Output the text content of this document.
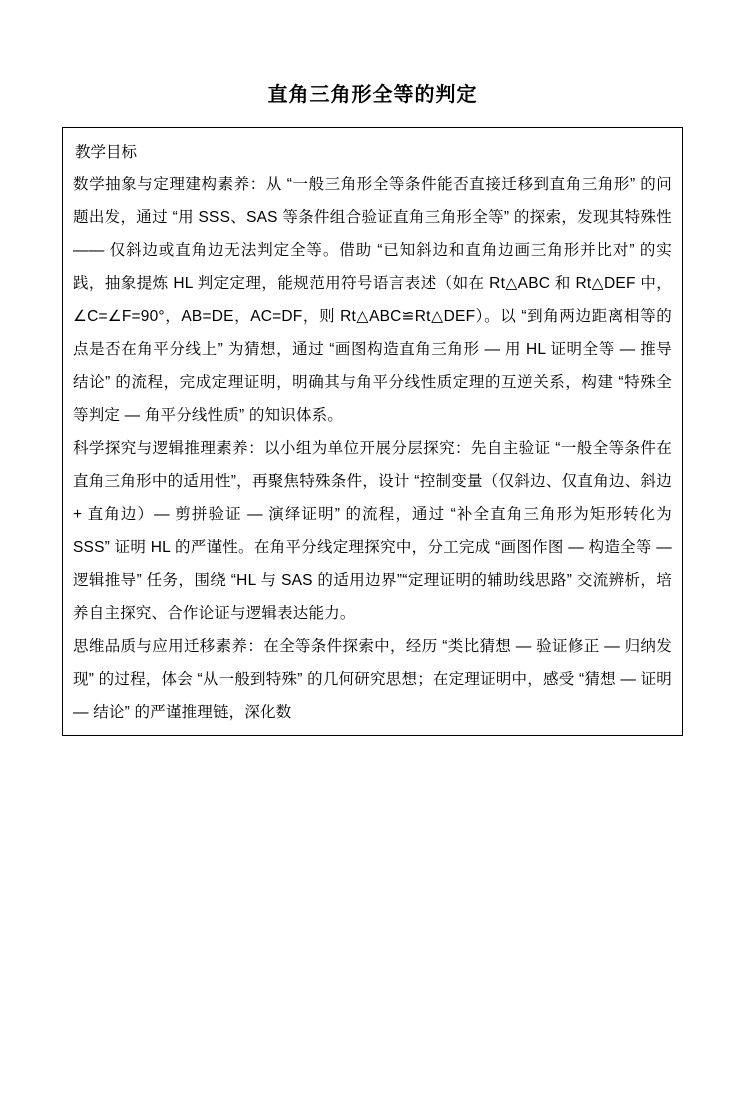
直角三角形全等的判定
教学目标

数学抽象与定理建构素养：从 “一般三角形全等条件能否直接迁移到直角三角形” 的问题出发，通过 “用 SSS、SAS 等条件组合验证直角三角形全等” 的探索，发现其特殊性 —— 仅斜边或直角边无法判定全等。借助 “已知斜边和直角边画三角形并比对” 的实践，抽象提炼 HL 判定定理，能规范用符号语言表述（如在 Rt△ABC 和 Rt△DEF 中，∠C=∠F=90°，AB=DE，AC=DF，则 Rt△ABC≌Rt△DEF）。以 “到角两边距离相等的点是否在角平分线上” 为猜想，通过 “画图构造直角三角形 — 用 HL 证明全等 — 推导结论” 的流程，完成定理证明，明确其与角平分线性质定理的互逆关系，构建 “特殊全等判定 — 角平分线性质” 的知识体系。

科学探究与逻辑推理素养：以小组为单位开展分层探究：先自主验证 “一般全等条件在直角三角形中的适用性”，再聚焦特殊条件，设计 “控制变量（仅斜边、仅直角边、斜边 + 直角边）— 剪拼验证 — 演绎证明” 的流程，通过 “补全直角三角形为矩形转化为 SSS” 证明 HL 的严谨性。在角平分线定理探究中，分工完成 “画图作图 — 构造全等 — 逻辑推导” 任务，围绕 “HL 与 SAS 的适用边界”“定理证明的辅助线思路” 交流辨析，培养自主探究、合作论证与逻辑表达能力。

思维品质与应用迁移素养：在全等条件探索中，经历 “类比猜想 — 验证修正 — 归纳发现” 的过程，体会 “从一般到特殊” 的几何研究思想；在定理证明中，感受 “猜想 — 证明 — 结论” 的严谨推理链，深化数
